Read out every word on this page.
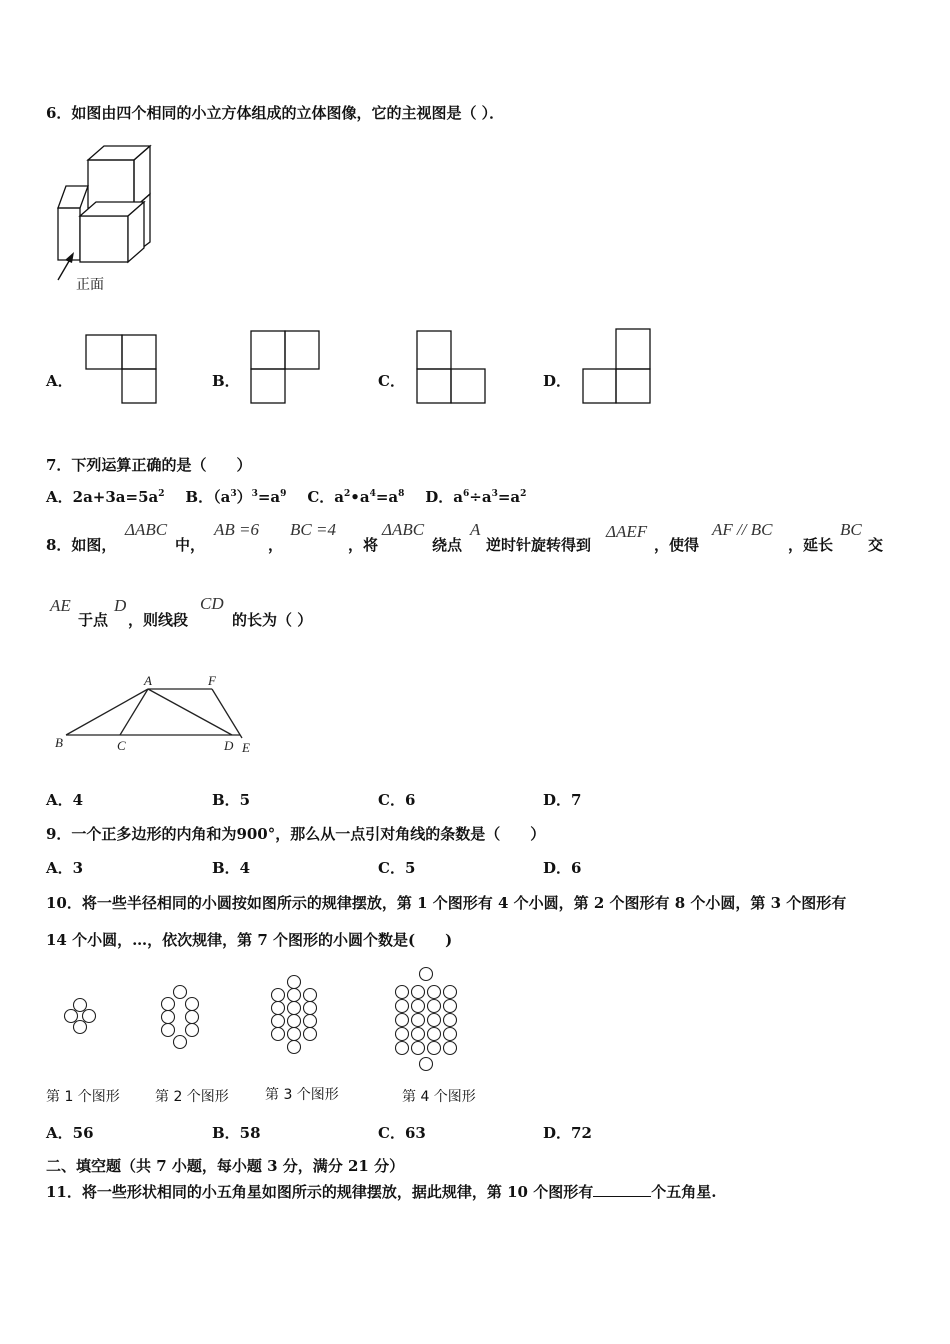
6．如图由四个相同的小立方体组成的立体图像，它的主视图是（ ）．
正面
A．	B．	C．	D．
7．下列运算正确的是（　　）
A．$2a+3a=5a^2$ B．$(a^3)^3=a^9$ C．$a^2•a^4=a^8$ D．$a^6\div a^3=a^2$
8．如图，
ΔABC
中，
AB =6
，
BC =4
，将
ΔABC
绕点
A
逆时针旋转得到
ΔAEF
，使得
AF // BC
，延长
BC
交
AE
于点
D
，则线段
CD
的长为（ ）
A	F
B	C	D E
A．4	B．5	C．6	D．7
9．一个正多边形的内角和为900°，那么从一点引对角线的条数是（　　）
A．3	B．4	C．5	D．6
10．将一些半径相同的小圆按如图所示的规律摆放，第 1 个图形有 4 个小圆，第 2 个图形有 8 个小圆，第 3 个图形有
14 个小圆，…，依次规律，第 7 个图形的小圆个数是(　　)
第 1 个图形	第 2 个图形	第 3 个图形	第 4 个图形
A．56	B．58	C．63	D．72
二、填空题（共 7 小题，每小题 3 分，满分 21 分）
11．将一些形状相同的小五角星如图所示的规律摆放，据此规律，第 10 个图形有	个五角星.
